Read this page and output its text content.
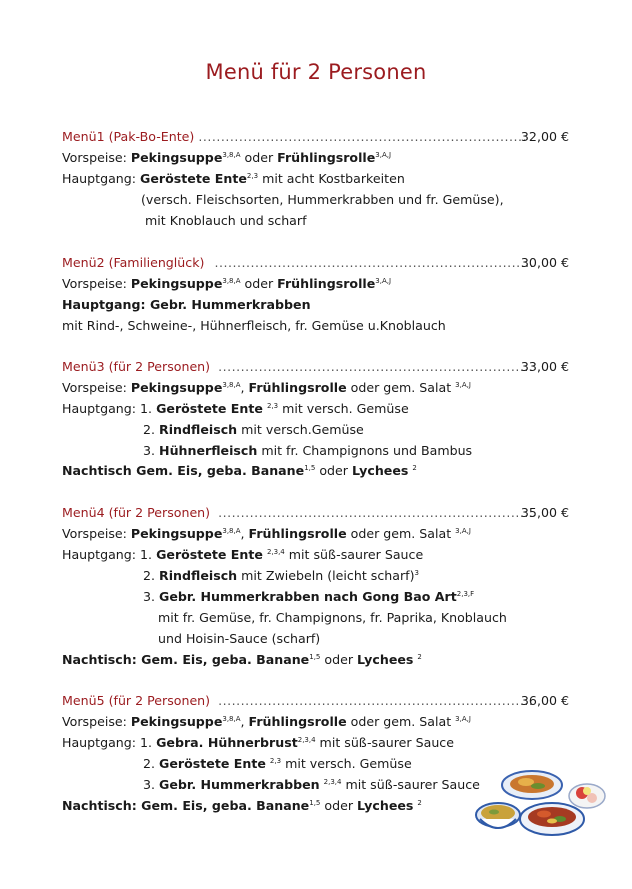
Menü für 2 Personen
Menü1 (Pak-Bo-Ente) .........................................................................
32,00 €
Vorspeise: Pekingsuppe$^{3,8,A}$ oder Frühlingsrolle$^{3,A,J}$
Hauptgang: Geröstete Ente$^{2,3}$ mit acht Kostbarkeiten
(versch. Fleischsorten, Hummerkrabben und fr. Gemüse),
mit Knoblauch und scharf
Menü2 (Familienglück) .......................................................................
30,00 €
Vorspeise: Pekingsuppe$^{3,8,A}$ oder Frühlingsrolle$^{3,A,J}$
Hauptgang: Gebr. Hummerkrabben
mit Rind-, Schweine-, Hühnerfleisch, fr. Gemüse u.Knoblauch
Menü3 (für 2 Personen) ......................................................................
33,00 €
Vorspeise: Pekingsuppe$^{3,8,A}$, Frühlingsrolle oder gem. Salat $^{3,A,J}$
Hauptgang: 1. Geröstete Ente $^{2,3}$ mit versch. Gemüse
2. Rindfleisch mit versch.Gemüse
3. Hühnerfleisch mit fr. Champignons und Bambus
Nachtisch Gem. Eis, geba. Banane$^{1,5}$ oder Lychees $^2$
Menü4 (für 2 Personen) ......................................................................
35,00 €
Vorspeise: Pekingsuppe$^{3,8,A}$, Frühlingsrolle oder gem. Salat $^{3,A,J}$
Hauptgang: 1. Geröstete Ente $^{2,3,4}$ mit süß-saurer Sauce
2. Rindfleisch mit Zwiebeln (leicht scharf)$^3$
3. Gebr. Hummerkrabben nach Gong Bao Art$^{2,3,F}$
mit fr. Gemüse, fr. Champignons, fr. Paprika, Knoblauch
und Hoisin-Sauce (scharf)
Nachtisch: Gem. Eis, geba. Banane$^{1,5}$ oder Lychees $^2$
Menü5 (für 2 Personen) ......................................................................
36,00 €
Vorspeise: Pekingsuppe$^{3,8,A}$, Frühlingsrolle oder gem. Salat $^{3,A,J}$
Hauptgang: 1. Gebra. Hühnerbrust$^{2,3,4}$ mit süß-saurer Sauce
2. Geröstete Ente $^{2,3}$ mit versch. Gemüse
3. Gebr. Hummerkrabben $^{2,3,4}$ mit süß-saurer Sauce
Nachtisch: Gem. Eis, geba. Banane$^{1,5}$ oder Lychees $^2$
